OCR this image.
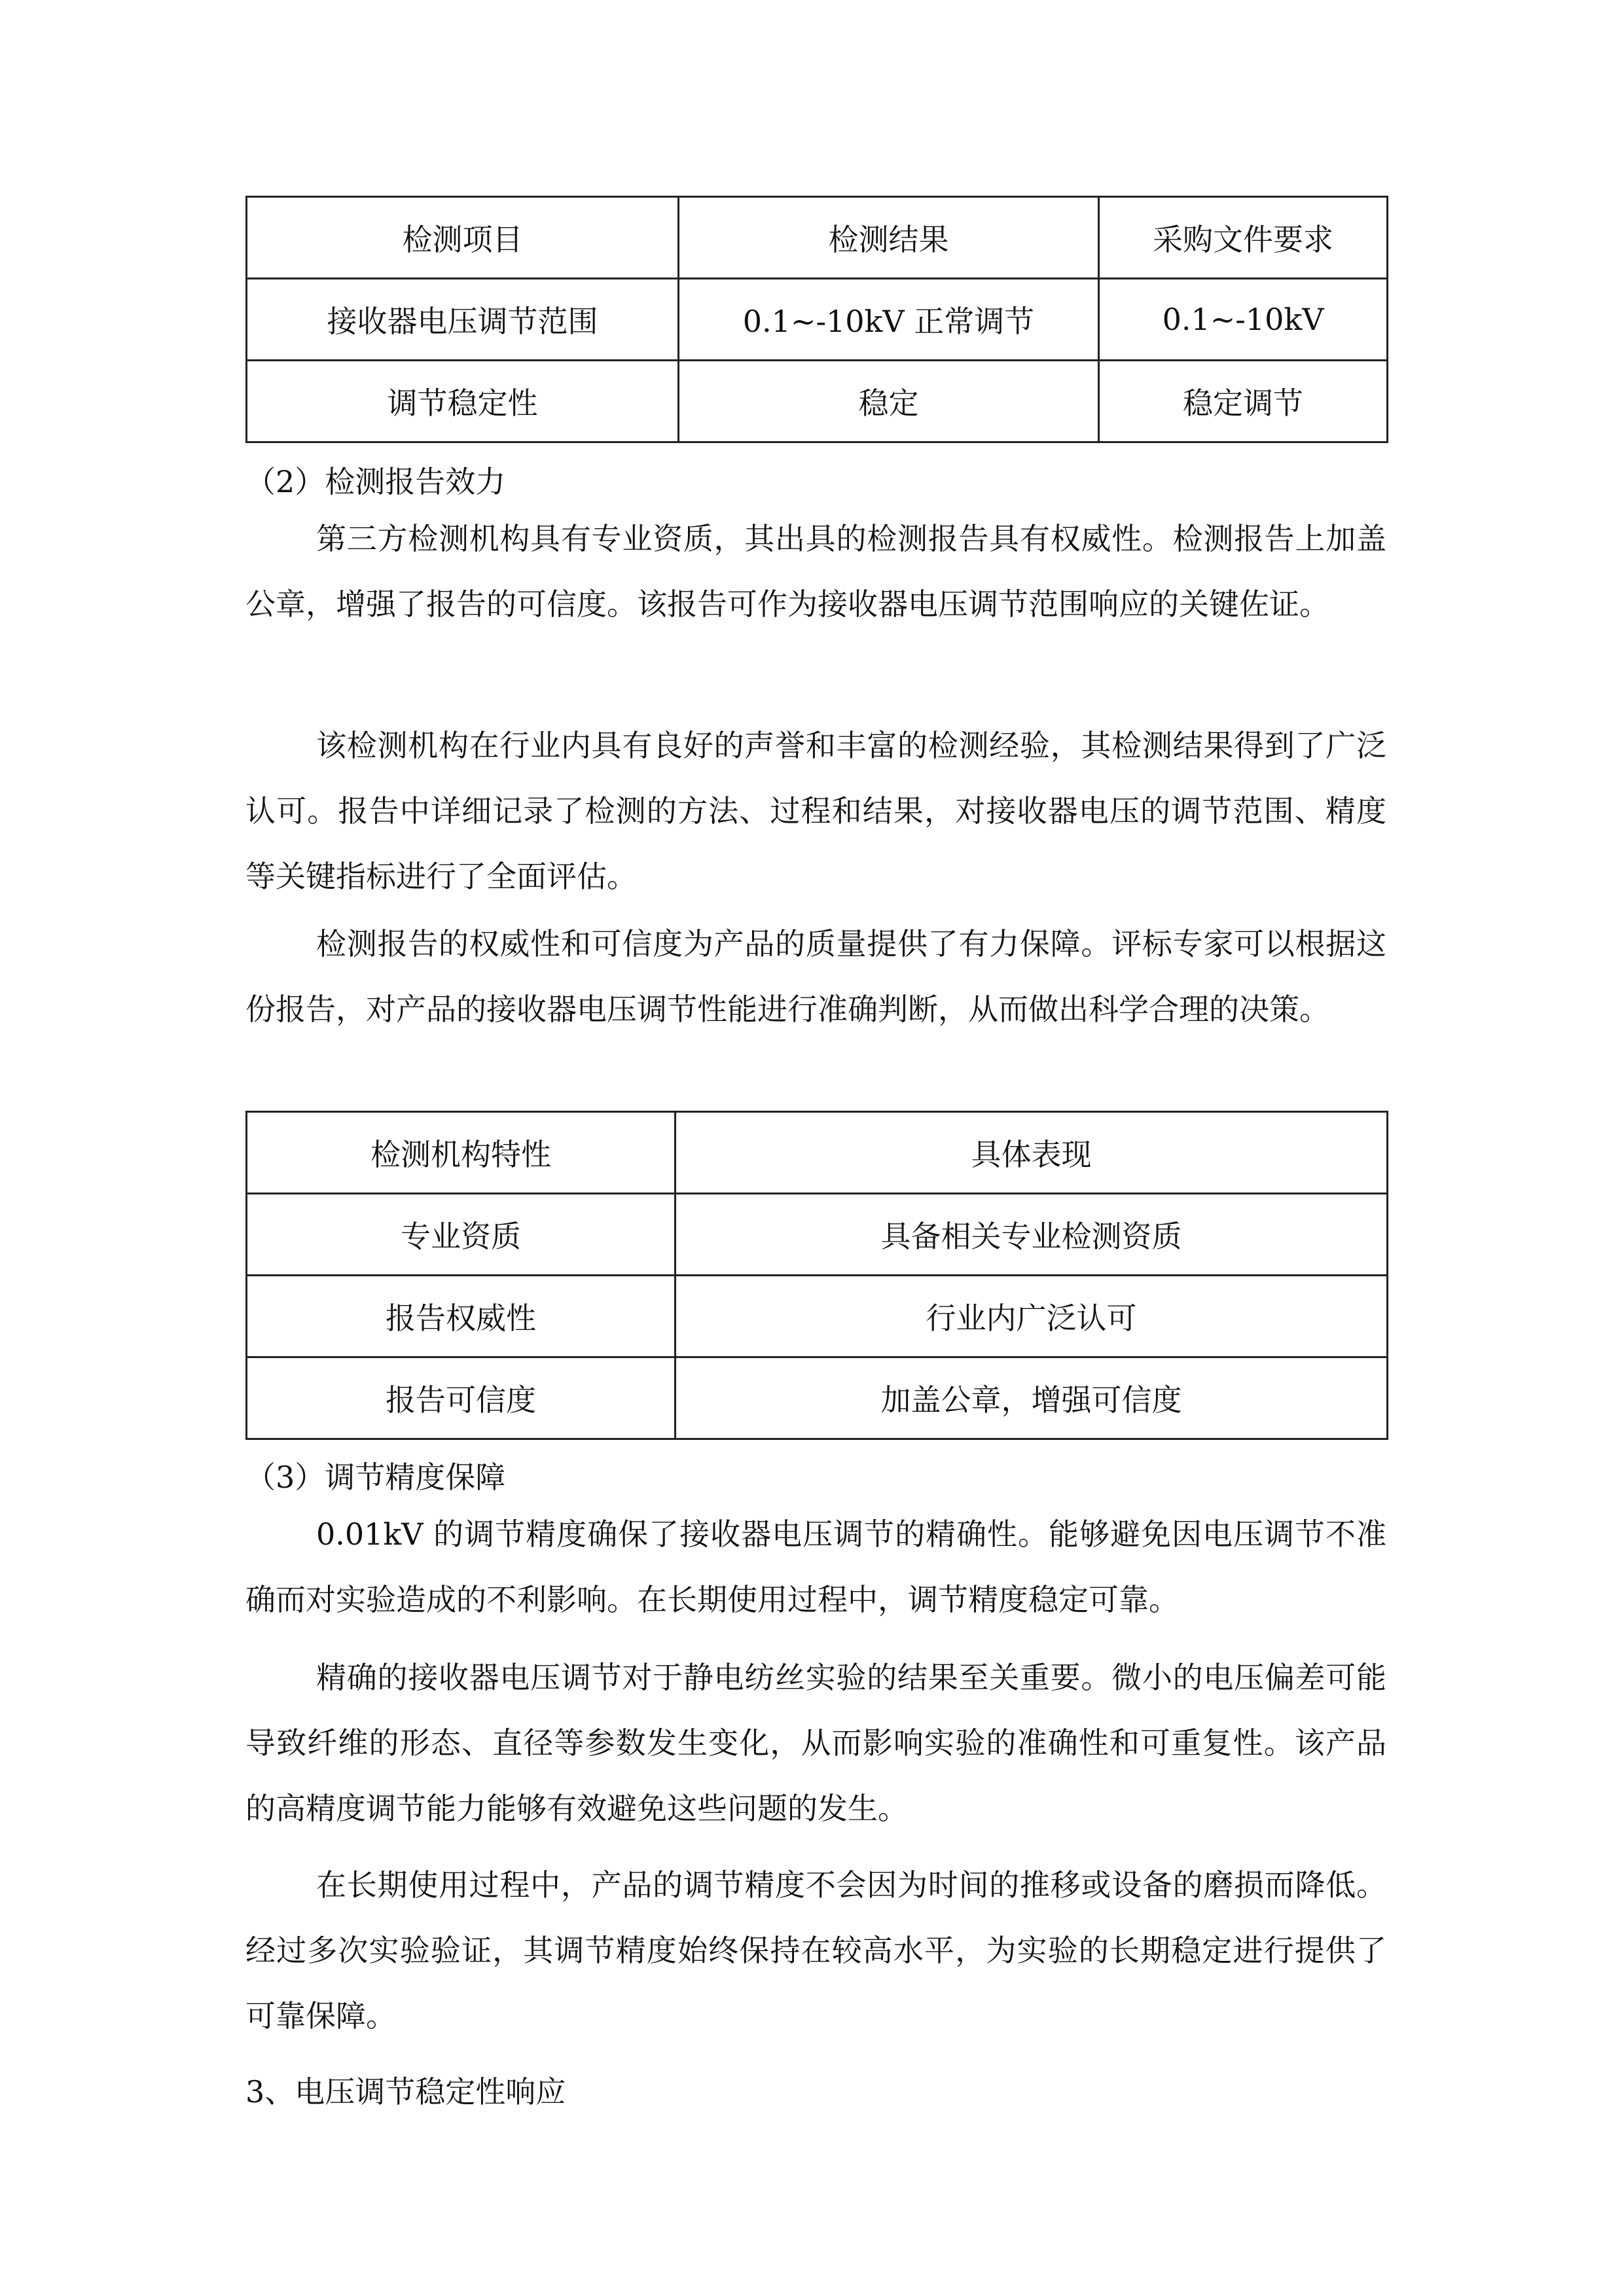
检测项目	检测结果	采购文件要求
接收器电压调节范围	0.1~-10kV 正常调节	0.1~-10kV
调节稳定性	稳定	稳定调节
（2）检测报告效力

第三方检测机构具有专业资质，其出具的检测报告具有权威性。检测报告上加盖公章，增强了报告的可信度。该报告可作为接收器电压调节范围响应的关键佐证。

该检测机构在行业内具有良好的声誉和丰富的检测经验，其检测结果得到了广泛认可。报告中详细记录了检测的方法、过程和结果，对接收器电压的调节范围、精度等关键指标进行了全面评估。

检测报告的权威性和可信度为产品的质量提供了有力保障。评标专家可以根据这份报告，对产品的接收器电压调节性能进行准确判断，从而做出科学合理的决策。

检测机构特性	具体表现
专业资质	具备相关专业检测资质
报告权威性	行业内广泛认可
报告可信度	加盖公章，增强可信度
（3）调节精度保障

0.01kV 的调节精度确保了接收器电压调节的精确性。能够避免因电压调节不准确而对实验造成的不利影响。在长期使用过程中，调节精度稳定可靠。

精确的接收器电压调节对于静电纺丝实验的结果至关重要。微小的电压偏差可能导致纤维的形态、直径等参数发生变化，从而影响实验的准确性和可重复性。该产品的高精度调节能力能够有效避免这些问题的发生。

在长期使用过程中，产品的调节精度不会因为时间的推移或设备的磨损而降低。经过多次实验验证，其调节精度始终保持在较高水平，为实验的长期稳定进行提供了可靠保障。

3、电压调节稳定性响应
